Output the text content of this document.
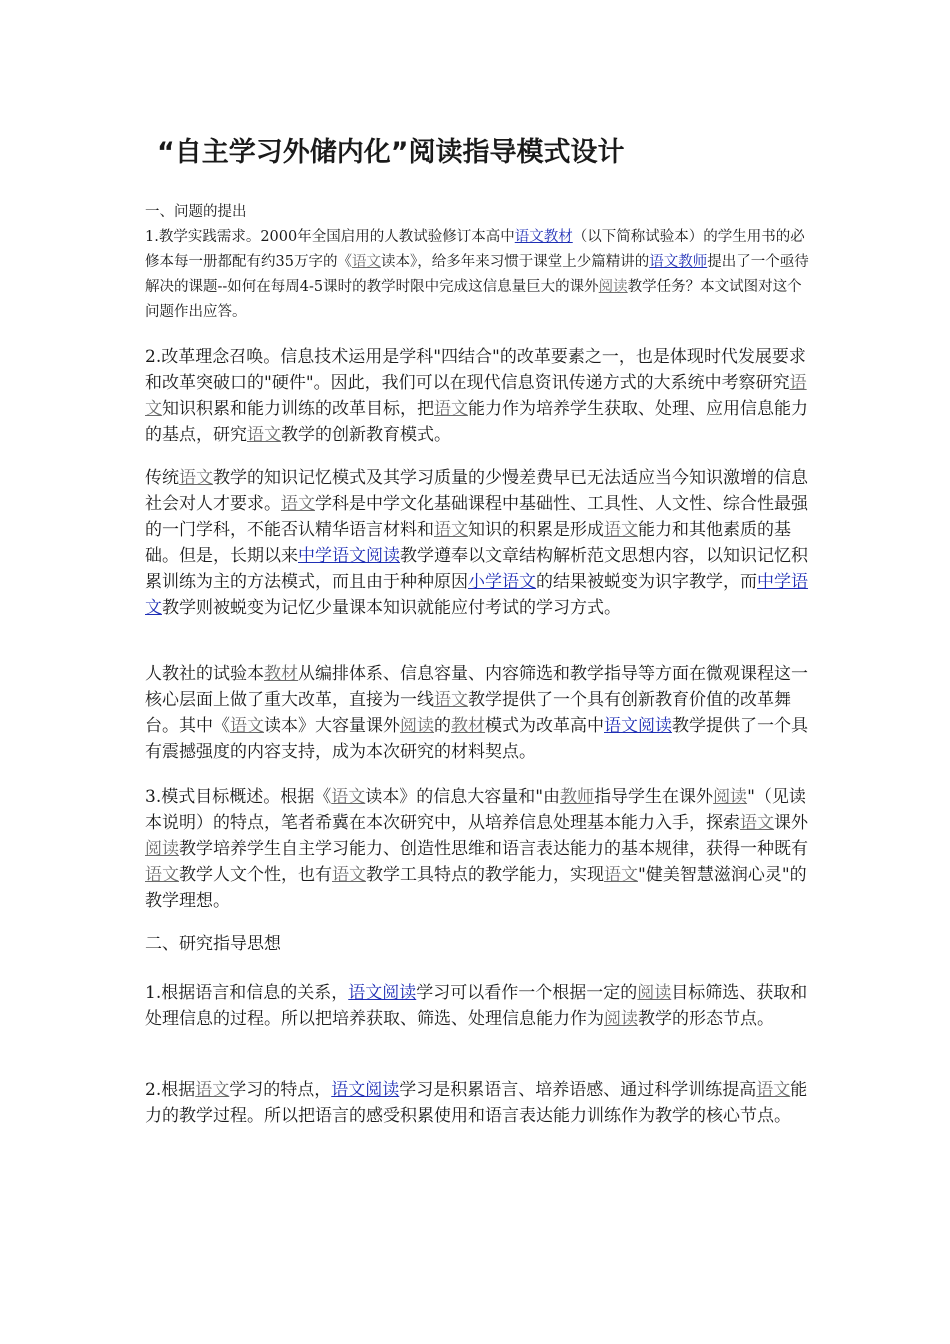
“自主学习外储内化”阅读指导模式设计

一、问题的提出
1.教学实践需求。2000年全国启用的人教试验修订本高中语文教材（以下简称试验本）的学生用书的必修本每一册都配有约35万字的《语文读本》，给多年来习惯于课堂上少篇精讲的语文教师提出了一个亟待解决的课题--如何在每周4-5课时的教学时限中完成这信息量巨大的课外阅读教学任务？本文试图对这个问题作出应答。

2.改革理念召唤。信息技术运用是学科"四结合"的改革要素之一，也是体现时代发展要求和改革突破口的"硬件"。因此，我们可以在现代信息资讯传递方式的大系统中考察研究语文知识积累和能力训练的改革目标，把语文能力作为培养学生获取、处理、应用信息能力的基点，研究语文教学的创新教育模式。

传统语文教学的知识记忆模式及其学习质量的少慢差费早已无法适应当今知识激增的信息社会对人才要求。语文学科是中学文化基础课程中基础性、工具性、人文性、综合性最强的一门学科，不能否认精华语言材料和语文知识的积累是形成语文能力和其他素质的基础。但是，长期以来中学语文阅读教学遵奉以文章结构解析范文思想内容，以知识记忆积累训练为主的方法模式，而且由于种种原因小学语文的结果被蜕变为识字教学，而中学语文教学则被蜕变为记忆少量课本知识就能应付考试的学习方式。

人教社的试验本教材从编排体系、信息容量、内容筛选和教学指导等方面在微观课程这一核心层面上做了重大改革，直接为一线语文教学提供了一个具有创新教育价值的改革舞台。其中《语文读本》大容量课外阅读的教材模式为改革高中语文阅读教学提供了一个具有震撼强度的内容支持，成为本次研究的材料契点。

3.模式目标概述。根据《语文读本》的信息大容量和"由教师指导学生在课外阅读"（见读本说明）的特点，笔者希冀在本次研究中，从培养信息处理基本能力入手，探索语文课外阅读教学培养学生自主学习能力、创造性思维和语言表达能力的基本规律，获得一种既有语文教学人文个性，也有语文教学工具特点的教学能力，实现语文"健美智慧滋润心灵"的教学理想。

二、研究指导思想

1.根据语言和信息的关系，语文阅读学习可以看作一个根据一定的阅读目标筛选、获取和处理信息的过程。所以把培养获取、筛选、处理信息能力作为阅读教学的形态节点。

2.根据语文学习的特点，语文阅读学习是积累语言、培养语感、通过科学训练提高语文能力的教学过程。所以把语言的感受积累使用和语言表达能力训练作为教学的核心节点。
